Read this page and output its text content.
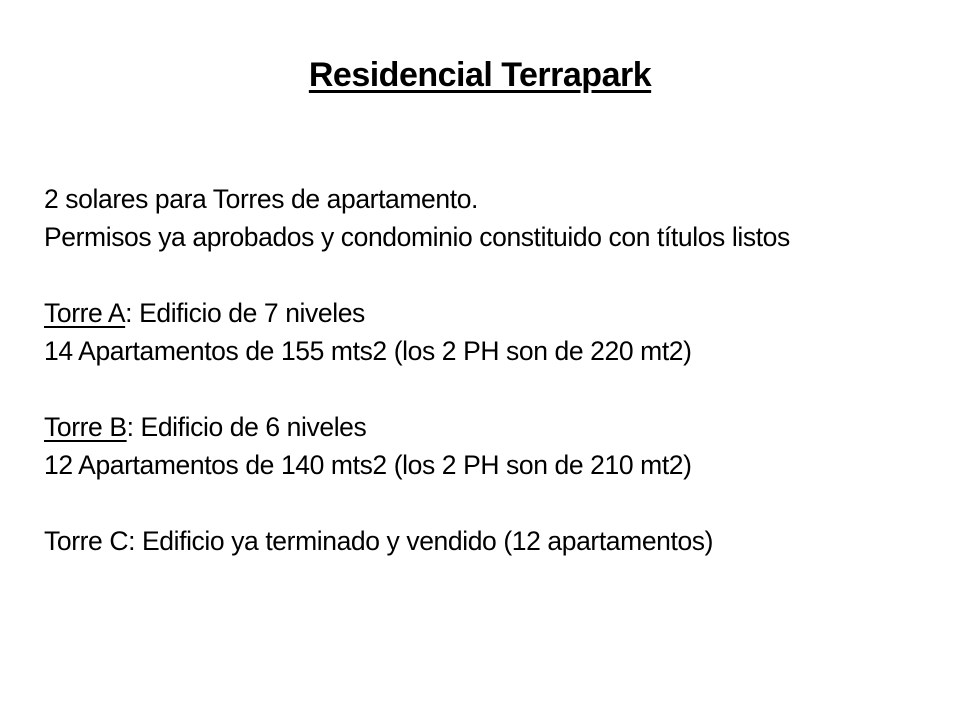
Residencial Terrapark
2 solares para Torres de apartamento.
Permisos ya aprobados y condominio constituido con títulos listos
Torre A: Edificio de 7 niveles
14 Apartamentos de 155 mts2 (los 2 PH son de 220 mt2)
Torre B: Edificio de 6 niveles
12 Apartamentos de 140 mts2 (los 2 PH son de 210 mt2)
Torre C: Edificio ya terminado y vendido (12 apartamentos)
